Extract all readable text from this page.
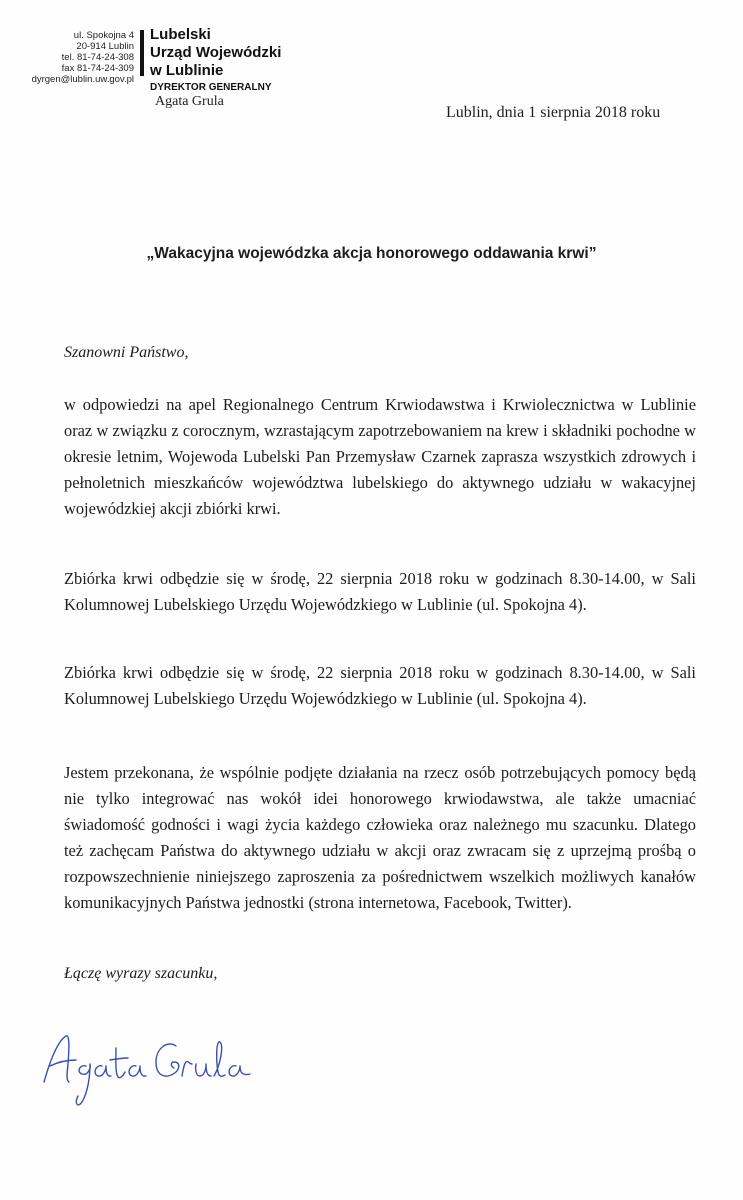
ul. Spokojna 4
20-914 Lublin
tel. 81-74-24-308
fax 81-74-24-309
dyrgen@lublin.uw.gov.pl
Lubelski
Urząd Wojewódzki
w Lublinie
DYREKTOR GENERALNY
Agata Grula
Lublin, dnia 1 sierpnia 2018 roku
„Wakacyjna wojewódzka akcja honorowego oddawania krwi”
Szanowni Państwo,

w odpowiedzi na apel Regionalnego Centrum Krwiodawstwa i Krwiolecznictwa w Lublinie oraz w związku z corocznym, wzrastającym zapotrzebowaniem na krew i składniki pochodne w okresie letnim, Wojewoda Lubelski Pan Przemysław Czarnek zaprasza wszystkich zdrowych i pełnoletnich mieszkańców województwa lubelskiego do aktywnego udziału w wakacyjnej wojewódzkiej akcji zbiórki krwi.

Zbiórka krwi odbędzie się w środę, 22 sierpnia 2018 roku w godzinach 8.30-14.00, w Sali Kolumnowej Lubelskiego Urzędu Wojewódzkiego w Lublinie (ul. Spokojna 4).

Zbiórka krwi odbędzie się w środę, 22 sierpnia 2018 roku w godzinach 8.30-14.00, w Sali Kolumnowej Lubelskiego Urzędu Wojewódzkiego w Lublinie (ul. Spokojna 4).

Jestem przekonana, że wspólnie podjęte działania na rzecz osób potrzebujących pomocy będą nie tylko integrować nas wokół idei honorowego krwiodawstwa, ale także umacniać świadomość godności i wagi życia każdego człowieka oraz należnego mu szacunku. Dlatego też zachęcam Państwa do aktywnego udziału w akcji oraz zwracam się z uprzejmą prośbą o rozpowszechnienie niniejszego zaproszenia za pośrednictwem wszelkich możliwych kanałów komunikacyjnych Państwa jednostki (strona internetowa, Facebook, Twitter).

Łączę wyrazy szacunku,
